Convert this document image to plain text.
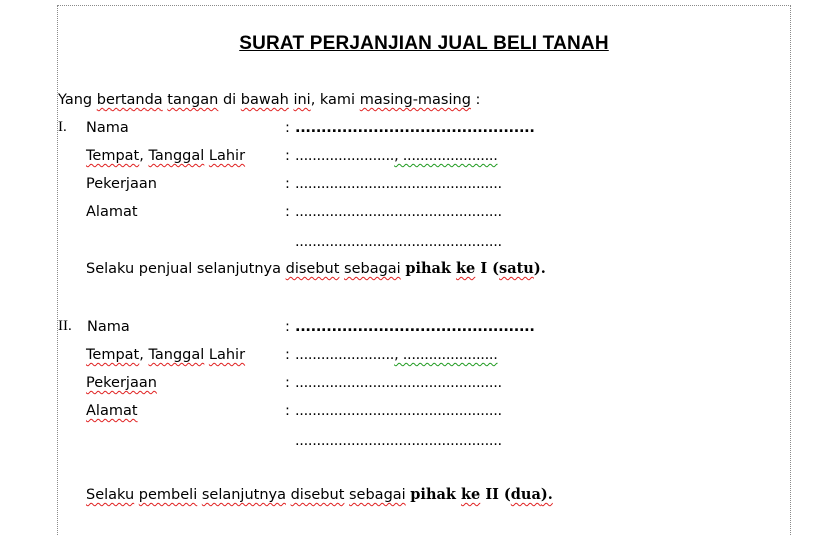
SURAT PERJANJIAN JUAL BELI TANAH
Yang bertanda tangan di bawah ini, kami masing-masing :
I. Nama	: ..............................................
Tempat, Tanggal Lahir	: ......................., ......................
Pekerjaan	: ................................................
Alamat	: ................................................
................................................
Selaku penjual selanjutnya disebut sebagai pihak ke I (satu).
II. Nama	: ..............................................
Tempat, Tanggal Lahir	: ......................., ......................
Pekerjaan	: ................................................
Alamat	: ................................................
................................................
Selaku pembeli selanjutnya disebut sebagai pihak ke II (dua).
